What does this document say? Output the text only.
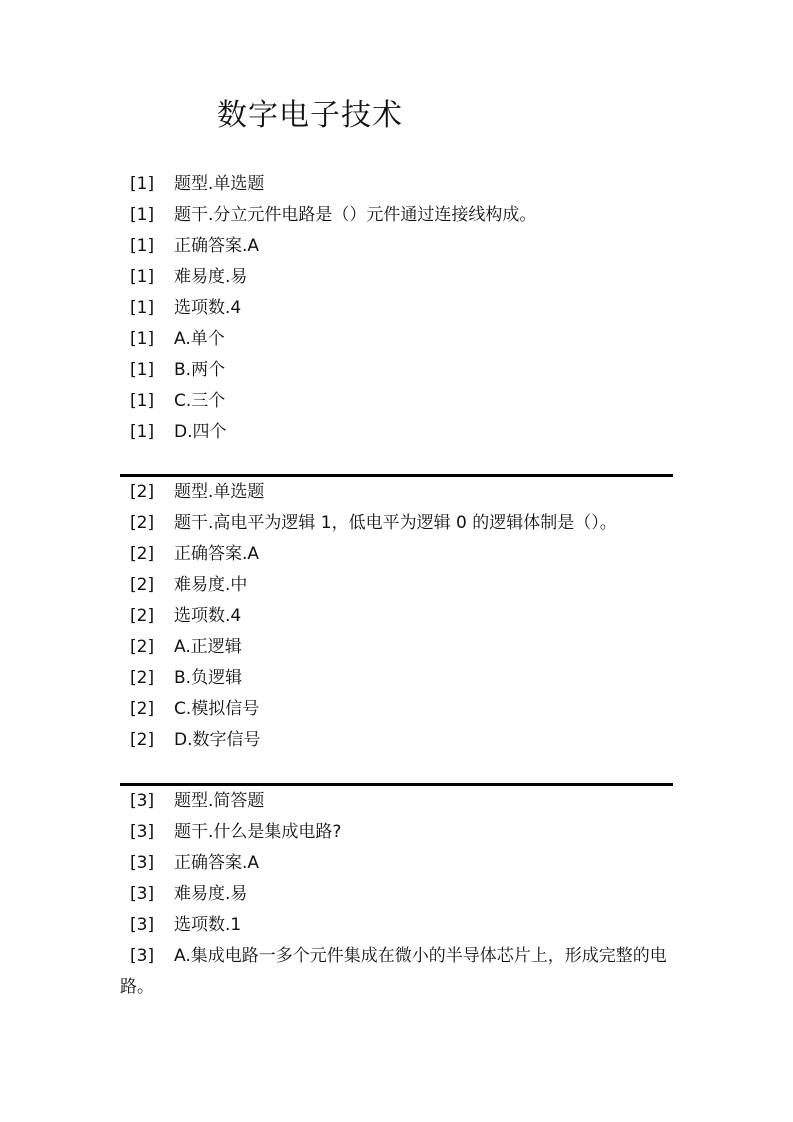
数字电子技术
[1] 题型.单选题
[1] 题干.分立元件电路是（）元件通过连接线构成。
[1] 正确答案.A
[1] 难易度.易
[1] 选项数.4
[1] A.单个
[1] B.两个
[1] C.三个
[1] D.四个
[2] 题型.单选题
[2] 题干.高电平为逻辑 1，低电平为逻辑 0 的逻辑体制是（）。
[2] 正确答案.A
[2] 难易度.中
[2] 选项数.4
[2] A.正逻辑
[2] B.负逻辑
[2] C.模拟信号
[2] D.数字信号
[3] 题型.简答题
[3] 题干.什么是集成电路?
[3] 正确答案.A
[3] 难易度.易
[3] 选项数.1
[3] A.集成电路一多个元件集成在微小的半导体芯片上，形成完整的电路。
